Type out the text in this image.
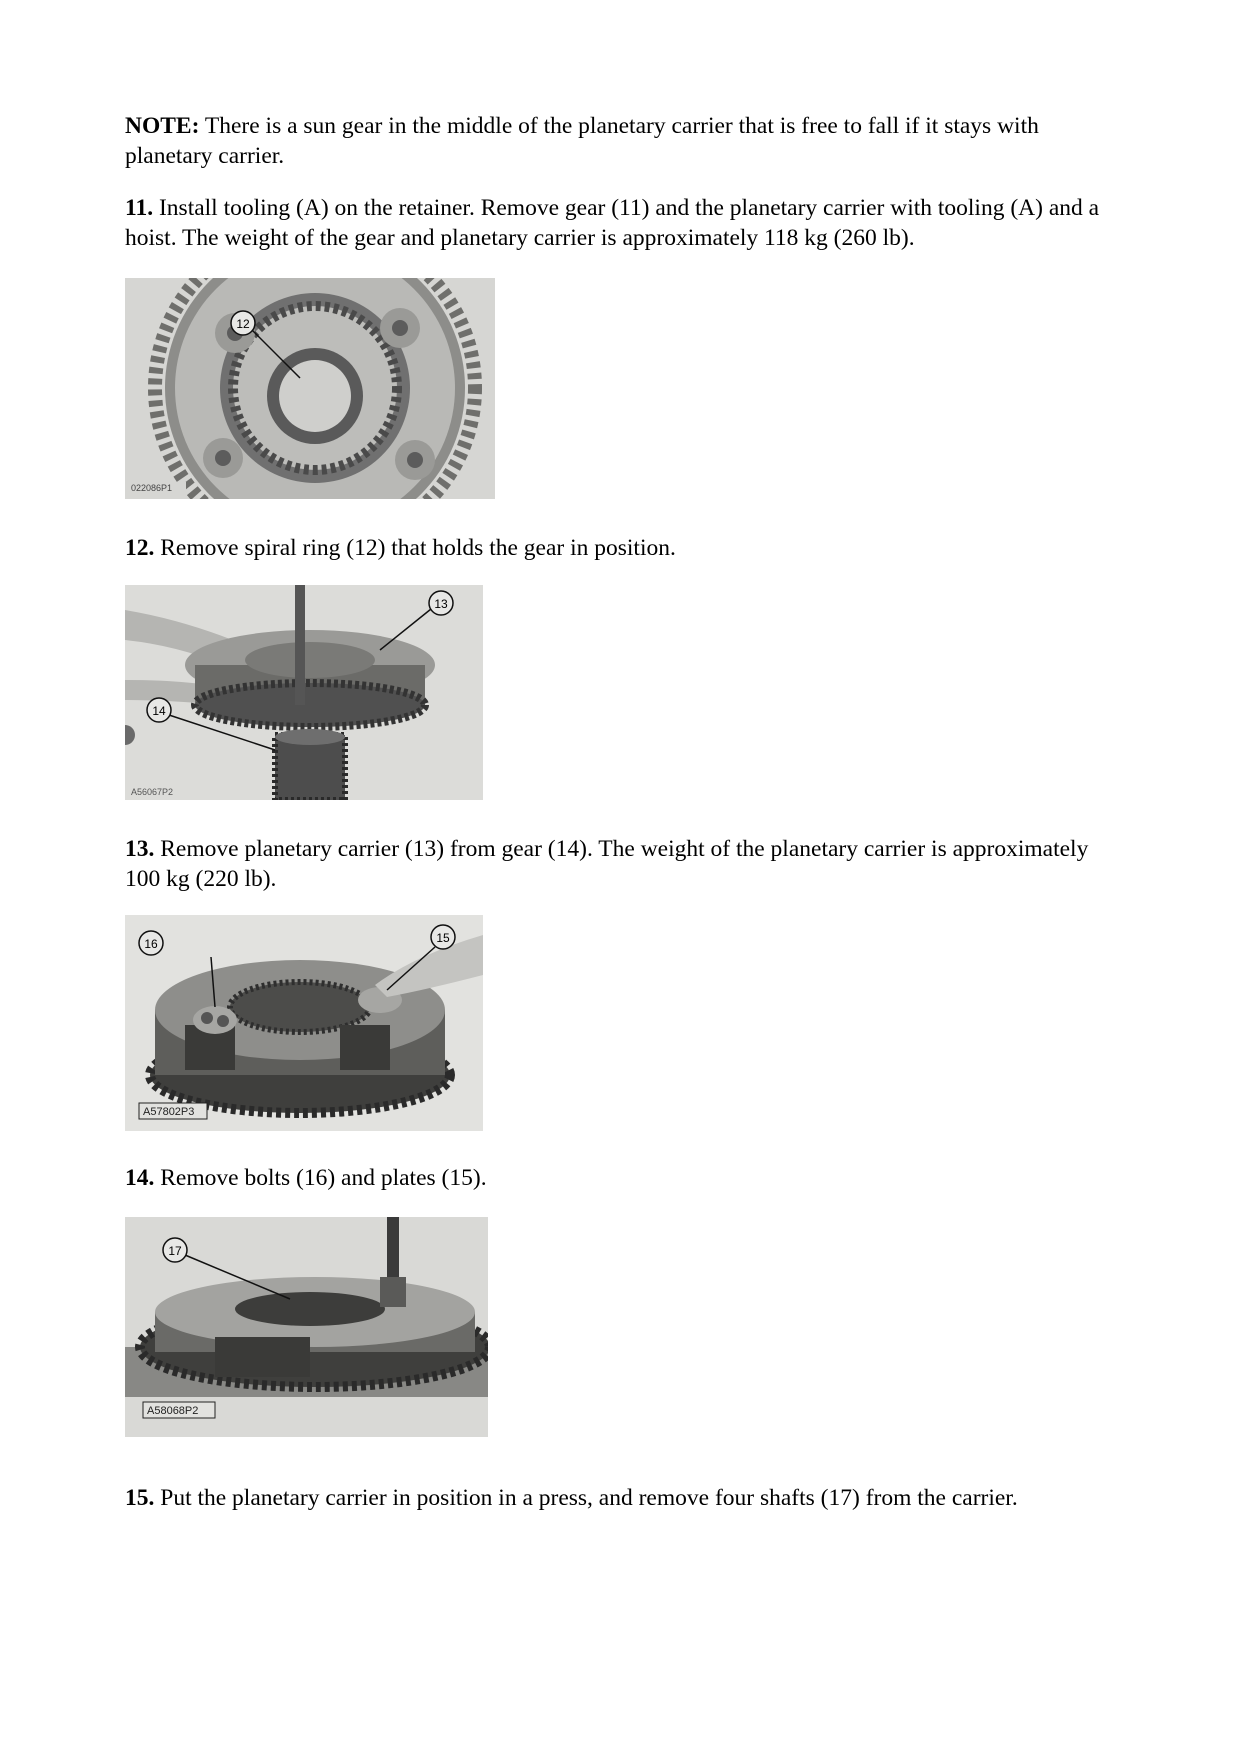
NOTE: There is a sun gear in the middle of the planetary carrier that is free to fall if it stays with planetary carrier.

11. Install tooling (A) on the retainer. Remove gear (11) and the planetary carrier with tooling (A) and a hoist. The weight of the gear and planetary carrier is approximately 118 kg (260 lb).

12
022086P1

12. Remove spiral ring (12) that holds the gear in position.

13
14
A56067P2

13. Remove planetary carrier (13) from gear (14). The weight of the planetary carrier is approximately 100 kg (220 lb).

16	15
A57802P3

14. Remove bolts (16) and plates (15).

17
A58068P2

15. Put the planetary carrier in position in a press, and remove four shafts (17) from the carrier.
